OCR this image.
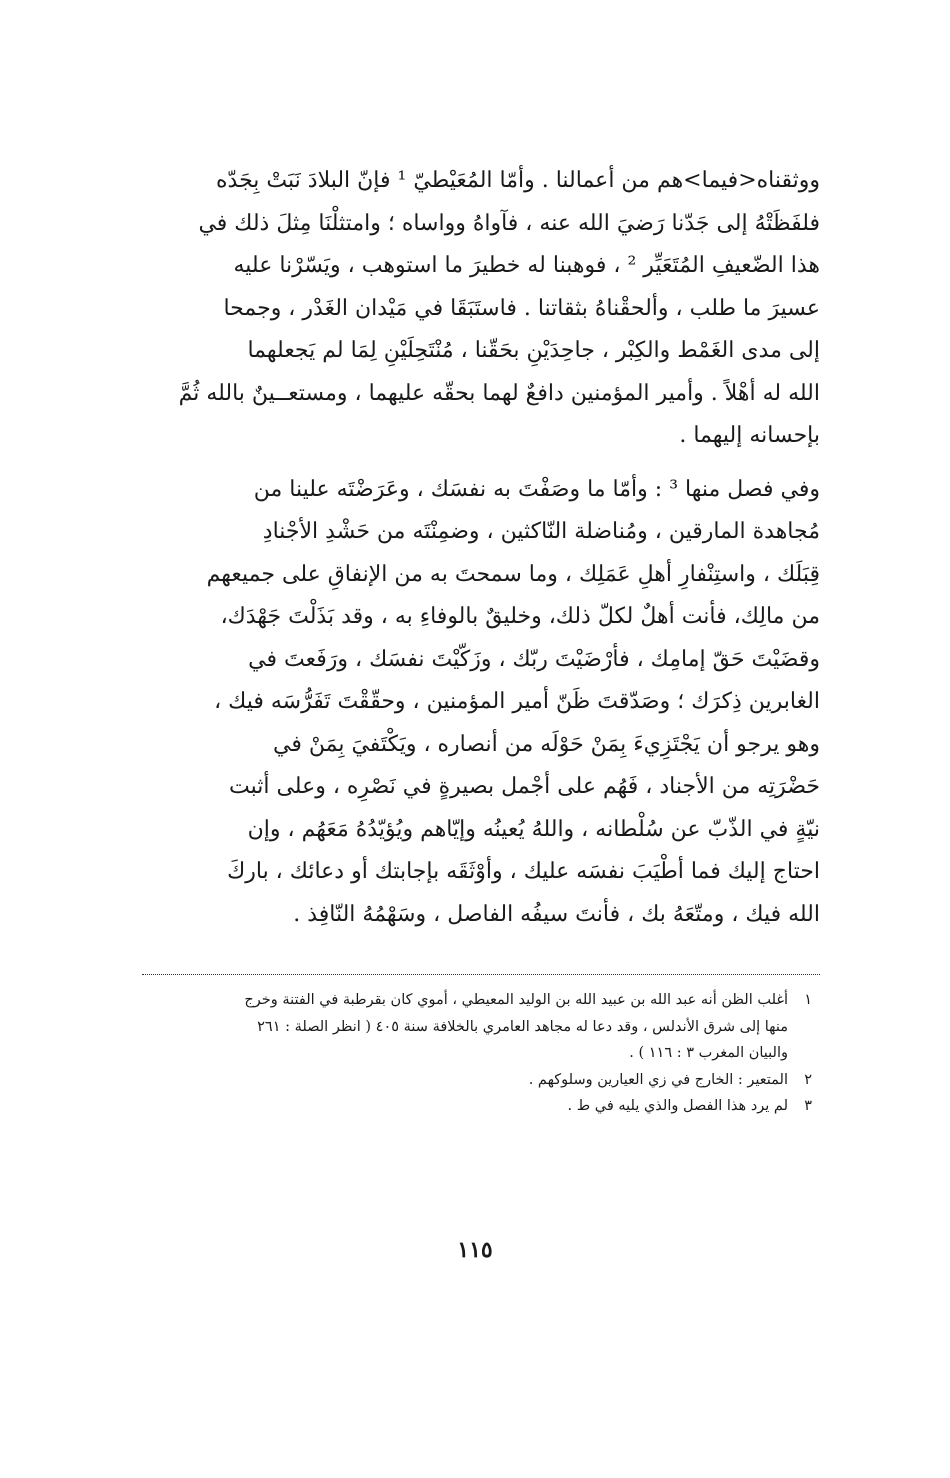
ووثقناه<فيما>هم من أعمالنا . وأمّا المُعَيْطيّ ¹ فإنّ البلادَ نَبَتْ بِجَدّه
فلفَظَتْهُ إلى جَدّنا رَضيَ الله عنه ، فآواهُ وواساه ؛ وامتثلْنَا مِثلَ ذلك في
هذا الضّعيفِ المُتَعَيِّر ² ، فوهبنا له خطيرَ ما استوهب ، ويَسّرْنا عليه
عسيرَ ما طلب ، وألحقْناهُ بثقاتنا . فاستَبَقَا في مَيْدان الغَدْر ، وجمحا
إلى مدى الغَمْط والكِبْر ، جاحِدَيْنِ بحَقّنا ، مُنْتَحِلَيْنِ لِمَا لم يَجعلهما
الله له أهْلاً . وأمير المؤمنين دافعٌ لهما بحقّه عليهما ، ومستعــينٌ بالله ثُمَّ
بإحسانه إليهما .

وفي فصل منها ³ : وأمّا ما وصَفْتَ به نفسَك ، وعَرَضْتَه علينا من
مُجاهدة المارقين ، ومُناضلة النّاكثين ، وضمِنْتَه من حَشْدِ الأجْنادِ
قِبَلَك ، واستِنْفارِ أهلِ عَمَلِك ، وما سمحتَ به من الإنفاقِ على جميعهم
من مالِك، فأنت أهلٌ لكلّ ذلك، وخليقٌ بالوفاءِ به ، وقد بَذَلْتَ جَهْدَك،
وقضَيْتَ حَقّ إمامِك ، فأرْضَيْتَ ربّك ، وزَكّيْتَ نفسَك ، ورَفَعتَ في
الغابرين ذِكرَك ؛ وصَدّقتَ ظَنّ أمير المؤمنين ، وحقّقْتَ تَفَرُّسَه فيك ،
وهو يرجو أن يَجْتَزِيءَ بِمَنْ حَوْلَه من أنصاره ، ويَكْتَفيَ بِمَنْ في
حَضْرَتِه من الأجناد ، فَهُم على أجْمل بصيرةٍ في نَصْرِه ، وعلى أثبت
نيّةٍ في الذّبّ عن سُلْطانه ، واللهُ يُعينُه وإيّاهم ويُؤيّدُهُ مَعَهُم ، وإن
احتاج إليك فما أطْيَبَ نفسَه عليك ، وأوْثَقَه بإجابتك أو دعائك ، باركَ
الله فيك ، ومتّعَهُ بك ، فأنتَ سيفُه الفاصل ، وسَهْمُهُ النّافِذ .

١أغلب الظن أنه عبد الله بن عبيد الله بن الوليد المعيطي ، أموي كان بقرطبة في الفتنة وخرج

منها إلى شرق الأندلس ، وقد دعا له مجاهد العامري بالخلافة سنة ٤٠٥ ( انظر الصلة : ٢٦١

والبيان المغرب ٣ : ١١٦ ) .

٢المتعير : الخارج في زي العيارين وسلوكهم .

٣لم يرد هذا الفصل والذي يليه في ط .

١١٥
